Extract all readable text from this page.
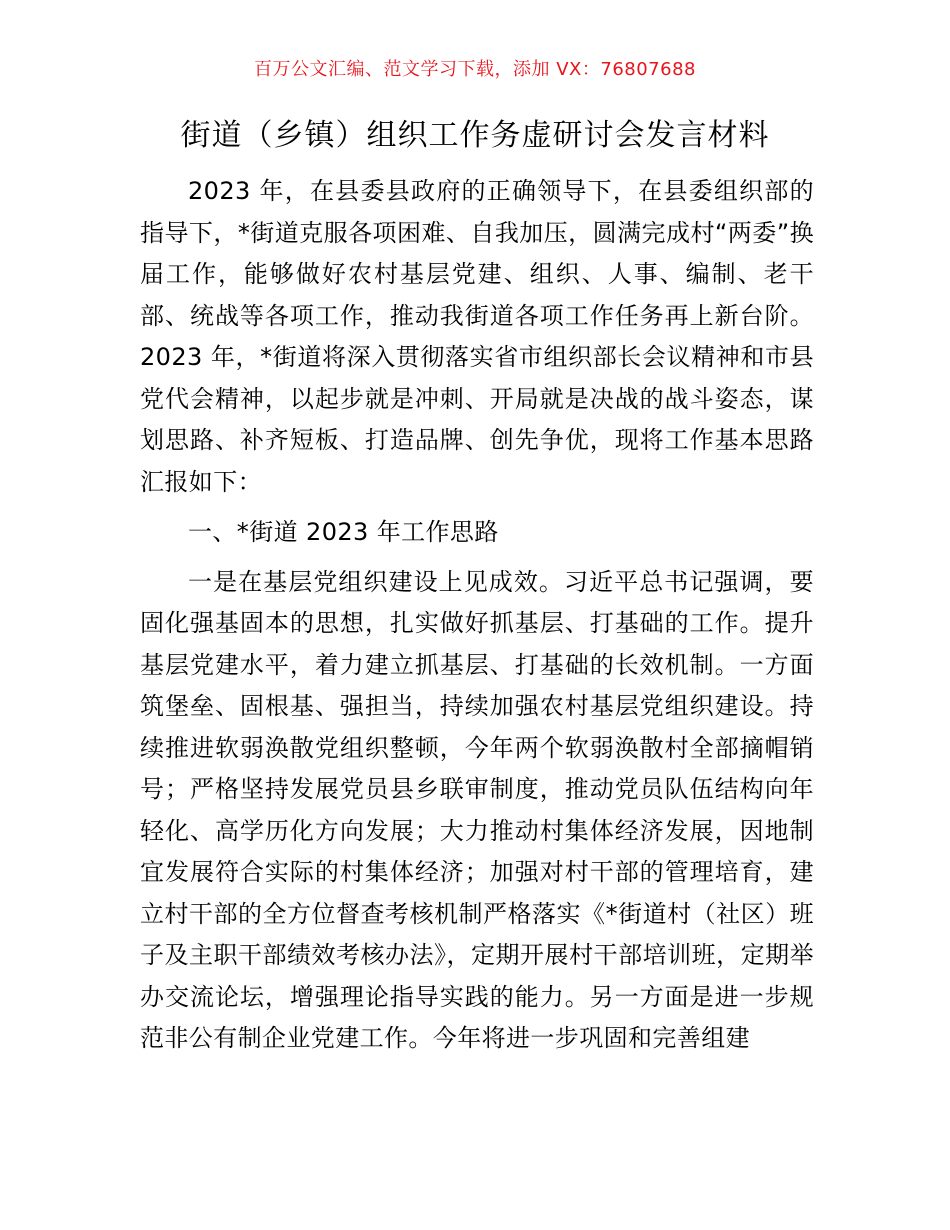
百万公文汇编、范文学习下载，添加 VX：76807688
街道（乡镇）组织工作务虚研讨会发言材料

2023 年，在县委县政府的正确领导下，在县委组织部的指导下，*街道克服各项困难、自我加压，圆满完成村“两委”换届工作，能够做好农村基层党建、组织、人事、编制、老干部、统战等各项工作，推动我街道各项工作任务再上新台阶。2023 年，*街道将深入贯彻落实省市组织部长会议精神和市县党代会精神，以起步就是冲刺、开局就是决战的战斗姿态，谋划思路、补齐短板、打造品牌、创先争优，现将工作基本思路汇报如下：

一、*街道 2023 年工作思路

一是在基层党组织建设上见成效。习近平总书记强调，要固化强基固本的思想，扎实做好抓基层、打基础的工作。提升基层党建水平，着力建立抓基层、打基础的长效机制。一方面筑堡垒、固根基、强担当，持续加强农村基层党组织建设。持续推进软弱涣散党组织整顿，今年两个软弱涣散村全部摘帽销号；严格坚持发展党员县乡联审制度，推动党员队伍结构向年轻化、高学历化方向发展；大力推动村集体经济发展，因地制宜发展符合实际的村集体经济；加强对村干部的管理培育，建立村干部的全方位督查考核机制严格落实《*街道村（社区）班子及主职干部绩效考核办法》，定期开展村干部培训班，定期举办交流论坛，增强理论指导实践的能力。另一方面是进一步规范非公有制企业党建工作。今年将进一步巩固和完善组建
